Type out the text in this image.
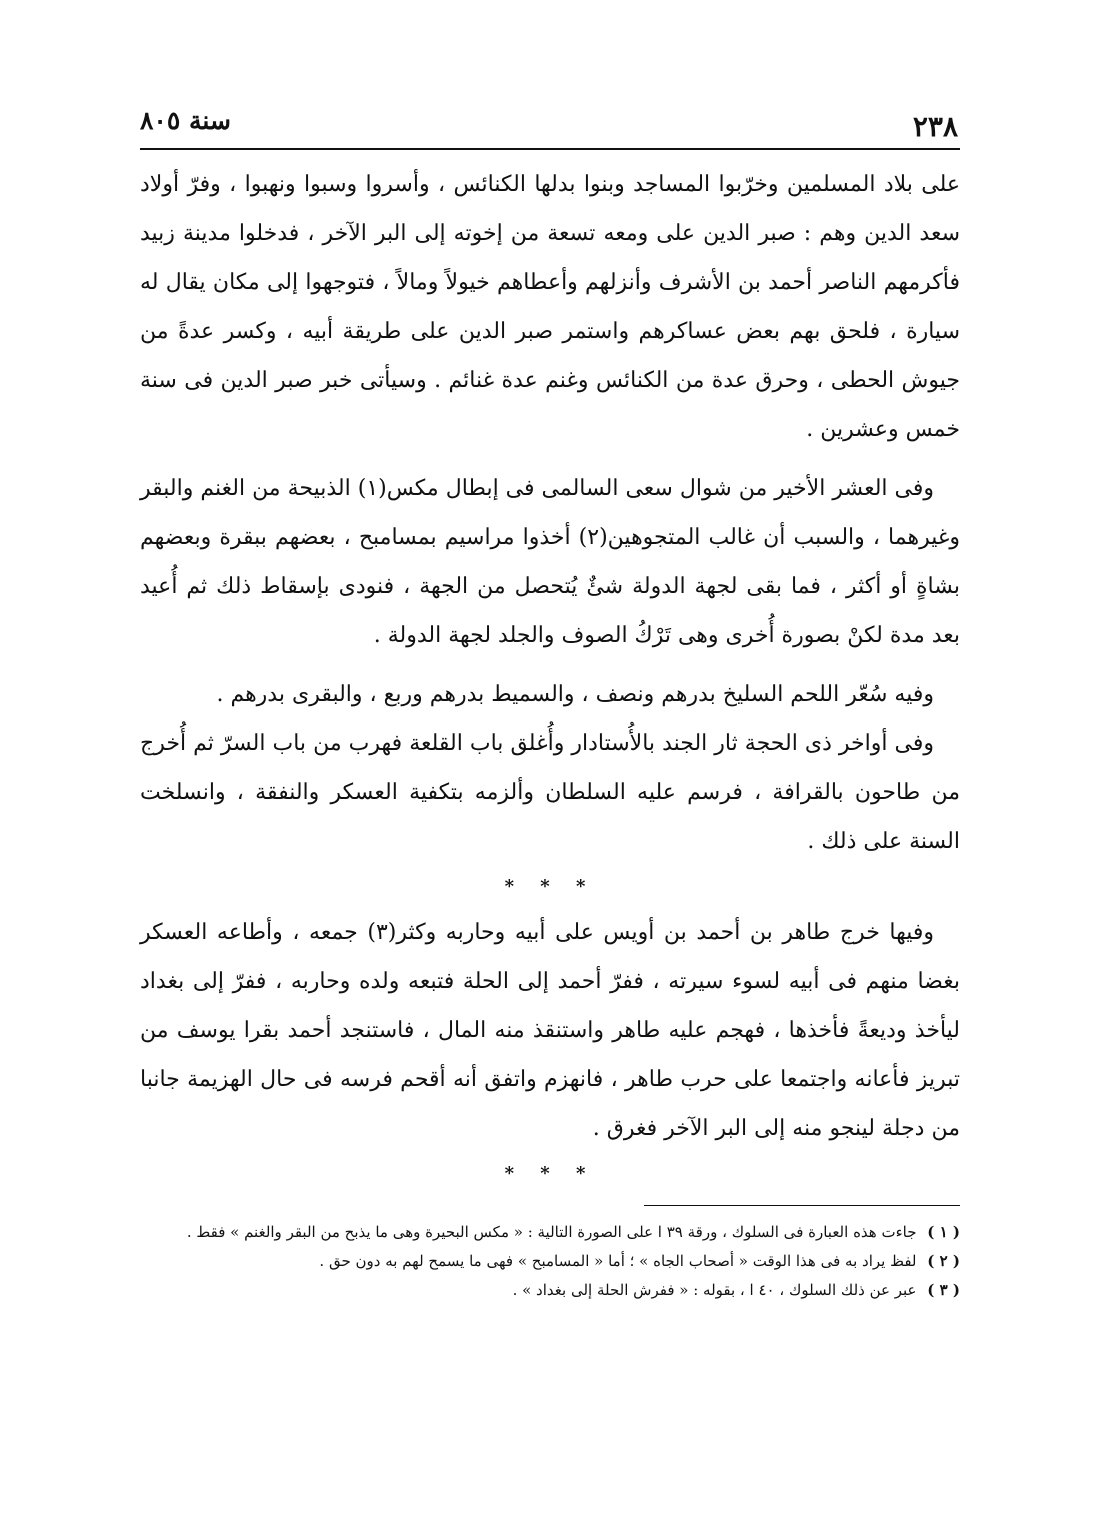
٢٣٨
سنة ٨٠٥

على بلاد المسلمين وخرّبوا المساجد وبنوا بدلها الكنائس ، وأسروا وسبوا ونهبوا ، وفرّ أولاد سعد الدين وهم : صبر الدين على ومعه تسعة من إخوته إلى البر الآخر ، فدخلوا مدينة زبيد فأكرمهم الناصر أحمد بن الأشرف وأنزلهم وأعطاهم خيولاً ومالاً ، فتوجهوا إلى مكان يقال له سيارة ، فلحق بهم بعض عساكرهم واستمر صبر الدين على طريقة أبيه ، وكسر عدةً من جيوش الحطى ، وحرق عدة من الكنائس وغنم عدة غنائم . وسيأتى خبر صبر الدين فى سنة خمس وعشرين .

وفى العشر الأخير من شوال سعى السالمى فى إبطال مكس(١) الذبيحة من الغنم والبقر وغيرهما ، والسبب أن غالب المتجوهين(٢) أخذوا مراسيم بمسامبح ، بعضهم ببقرة وبعضهم بشاةٍ أو أكثر ، فما بقى لجهة الدولة شئٌ يُتحصل من الجهة ، فنودى بإسقاط ذلك ثم أُعيد بعد مدة لكنْ بصورة أُخرى وهى تَرْكُ الصوف والجلد لجهة الدولة .

وفيه سُعّر اللحم السليخ بدرهم ونصف ، والسميط بدرهم وربع ، والبقرى بدرهم .

وفى أواخر ذى الحجة ثار الجند بالأُستادار وأُغلق باب القلعة فهرب من باب السرّ ثم أُخرج من طاحون بالقرافة ، فرسم عليه السلطان وألزمه بتكفية العسكر والنفقة ، وانسلخت السنة على ذلك .

* * *

وفيها خرج طاهر بن أحمد بن أويس على أبيه وحاربه وكثر(٣) جمعه ، وأطاعه العسكر بغضا منهم فى أبيه لسوء سيرته ، ففرّ أحمد إلى الحلة فتبعه ولده وحاربه ، ففرّ إلى بغداد ليأخذ وديعةً فأخذها ، فهجم عليه طاهر واستنقذ منه المال ، فاستنجد أحمد بقرا يوسف من تبريز فأعانه واجتمعا على حرب طاهر ، فانهزم واتفق أنه أقحم فرسه فى حال الهزيمة جانبا من دجلة لينجو منه إلى البر الآخر فغرق .

* * *
( ١ ) جاءت هذه العبارة فى السلوك ، ورقة ٣٩ ا على الصورة التالية : « مكس البحيرة وهى ما يذبح من البقر والغنم » فقط .
( ٢ ) لفظ يراد به فى هذا الوقت « أصحاب الجاه » ؛ أما « المسامبح » فهى ما يسمح لهم به دون حق .
( ٣ ) عبر عن ذلك السلوك ، ٤٠ ا ، بقوله : « ففرش الحلة إلى بغداد » .
